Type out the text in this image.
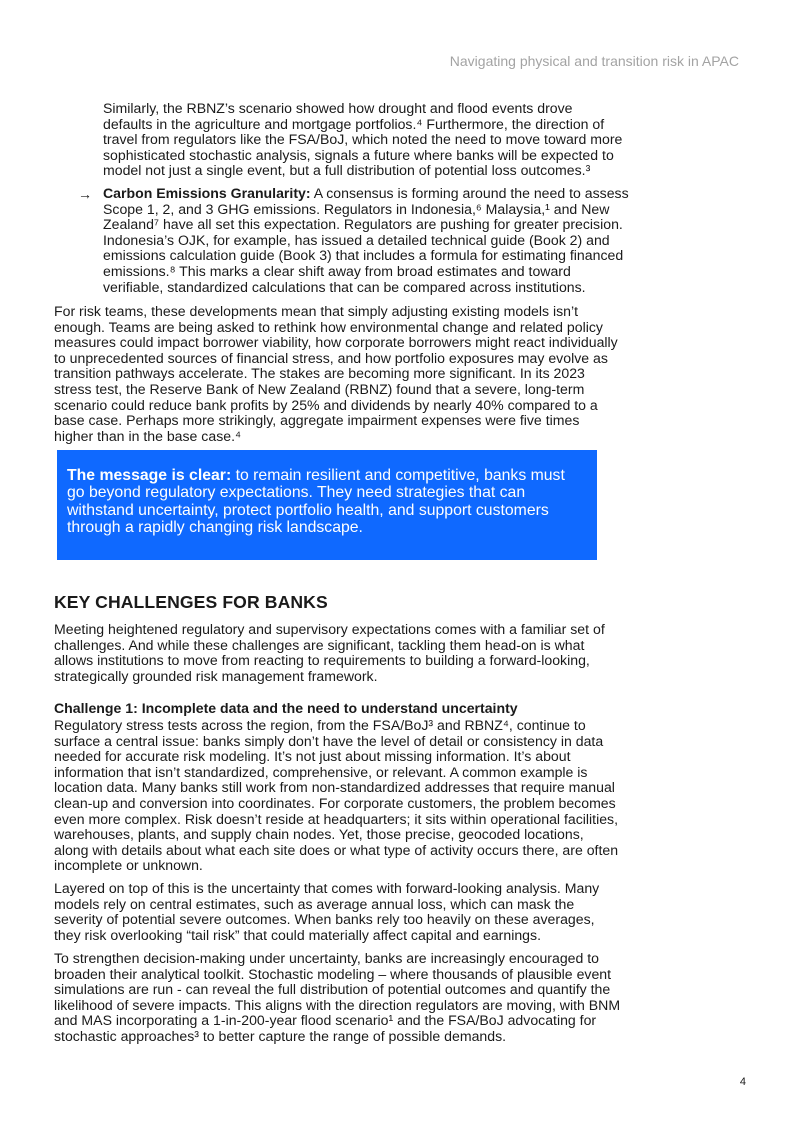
Navigating physical and transition risk in APAC

Similarly, the RBNZ’s scenario showed how drought and flood events drove defaults in the agriculture and mortgage portfolios.⁴ Furthermore, the direction of travel from regulators like the FSA/BoJ, which noted the need to move toward more sophisticated stochastic analysis, signals a future where banks will be expected to model not just a single event, but a full distribution of potential loss outcomes.³

→ Carbon Emissions Granularity: A consensus is forming around the need to assess Scope 1, 2, and 3 GHG emissions. Regulators in Indonesia,⁶ Malaysia,¹ and New Zealand⁷ have all set this expectation. Regulators are pushing for greater precision. Indonesia’s OJK, for example, has issued a detailed technical guide (Book 2) and emissions calculation guide (Book 3) that includes a formula for estimating financed emissions.⁸ This marks a clear shift away from broad estimates and toward verifiable, standardized calculations that can be compared across institutions.

For risk teams, these developments mean that simply adjusting existing models isn’t enough. Teams are being asked to rethink how environmental change and related policy measures could impact borrower viability, how corporate borrowers might react individually to unprecedented sources of financial stress, and how portfolio exposures may evolve as transition pathways accelerate. The stakes are becoming more significant. In its 2023 stress test, the Reserve Bank of New Zealand (RBNZ) found that a severe, long-term scenario could reduce bank profits by 25% and dividends by nearly 40% compared to a base case. Perhaps more strikingly, aggregate impairment expenses were five times higher than in the base case.⁴

The message is clear: to remain resilient and competitive, banks must go beyond regulatory expectations. They need strategies that can withstand uncertainty, protect portfolio health, and support customers through a rapidly changing risk landscape.
KEY CHALLENGES FOR BANKS

Meeting heightened regulatory and supervisory expectations comes with a familiar set of challenges. And while these challenges are significant, tackling them head-on is what allows institutions to move from reacting to requirements to building a forward-looking, strategically grounded risk management framework.

Challenge 1: Incomplete data and the need to understand uncertainty

Regulatory stress tests across the region, from the FSA/BoJ³ and RBNZ⁴, continue to surface a central issue: banks simply don’t have the level of detail or consistency in data needed for accurate risk modeling. It’s not just about missing information. It’s about information that isn’t standardized, comprehensive, or relevant. A common example is location data. Many banks still work from non-standardized addresses that require manual clean-up and conversion into coordinates. For corporate customers, the problem becomes even more complex. Risk doesn’t reside at headquarters; it sits within operational facilities, warehouses, plants, and supply chain nodes. Yet, those precise, geocoded locations, along with details about what each site does or what type of activity occurs there, are often incomplete or unknown.

Layered on top of this is the uncertainty that comes with forward-looking analysis. Many models rely on central estimates, such as average annual loss, which can mask the severity of potential severe outcomes. When banks rely too heavily on these averages, they risk overlooking “tail risk” that could materially affect capital and earnings.

To strengthen decision-making under uncertainty, banks are increasingly encouraged to broaden their analytical toolkit. Stochastic modeling – where thousands of plausible event simulations are run - can reveal the full distribution of potential outcomes and quantify the likelihood of severe impacts. This aligns with the direction regulators are moving, with BNM and MAS incorporating a 1-in-200-year flood scenario¹ and the FSA/BoJ advocating for stochastic approaches³ to better capture the range of possible demands.

4
